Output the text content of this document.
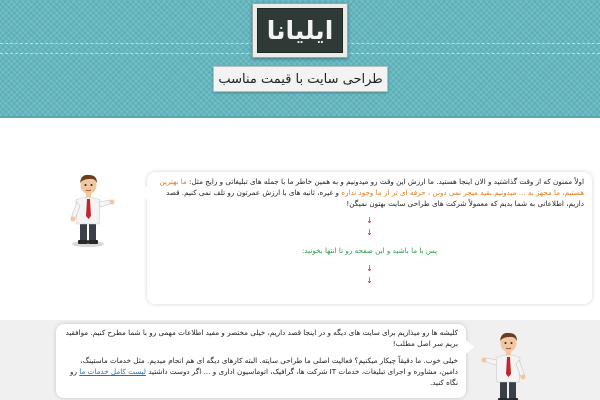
ایلیانا
طراحی سایت با قیمت مناسب
اولاً ممنون که از وقت گذاشتید و الان اینجا هستید. ما ارزش این وقت رو میدونیم و به همین خاطر ما با جمله های تبلیغاتی و رایج مثل: ما بهترین هستیم، ما مجهز به ... میدونیم.بقیه میچر نمی دونن ، حرفه ای تر از ما وجود نداره و غیره، ثانیه های با ارزش عمرتون رو تلف نمی کنیم. قصد داریم، اطلاعاتی به شما بدیم که معمولاً شرکت های طراحی سایت بهتون نمیگن!
↓
↓
پس با ما باشید و این صفحه رو تا انتها بخونید:
↓
↓
کلیشه ها رو میذاریم برای سایت های دیگه و در اینجا قصد داریم، خیلی مختصر و مفید اطلاعات مهمی رو با شما مطرح کنیم. موافقید بریم سر اصل مطلب!
خیلی خوب. ما دقیقاً چیکار میکنیم؟ فعالیت اصلی ما طراحی سایته. البته کارهای دیگه ای هم انجام میدیم. مثل خدمات ماستینگ، دامین، مشاوره و اجرای تبلیغات، خدمات IT شرکت ها، گرافیک، اتوماسیون اداری و ... اگر دوست داشتید لیست کامل خدمات ما رو نگاه کنید.
